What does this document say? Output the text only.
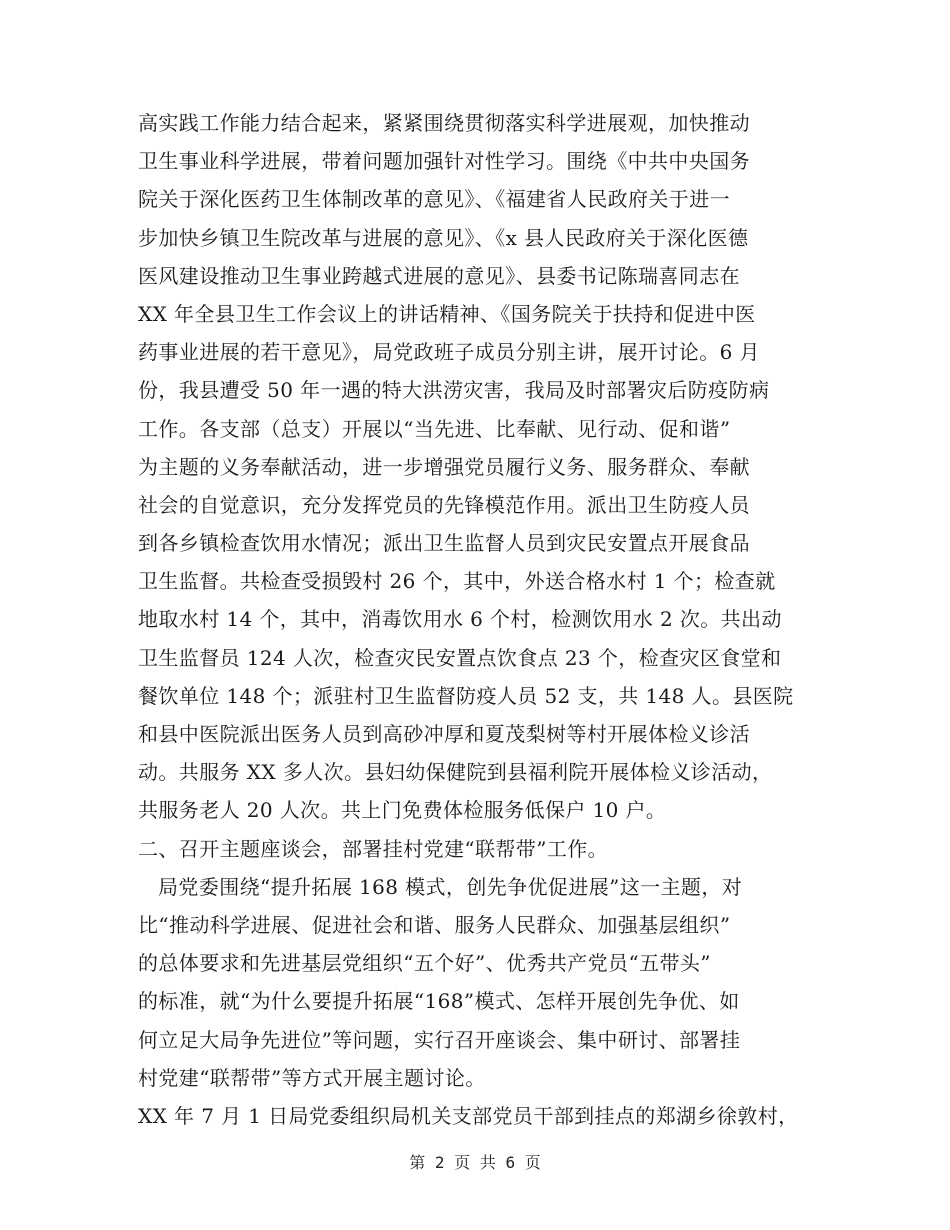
高实践工作能力结合起来，紧紧围绕贯彻落实科学进展观，加快推动
卫生事业科学进展，带着问题加强针对性学习。围绕《中共中央国务
院关于深化医药卫生体制改革的意见》、《福建省人民政府关于进一
步加快乡镇卫生院改革与进展的意见》、《x 县人民政府关于深化医德
医风建设推动卫生事业跨越式进展的意见》、县委书记陈瑞喜同志在
XX 年全县卫生工作会议上的讲话精神、《国务院关于扶持和促进中医
药事业进展的若干意见》，局党政班子成员分别主讲，展开讨论。6 月
份，我县遭受 50 年一遇的特大洪涝灾害，我局及时部署灾后防疫防病
工作。各支部（总支）开展以“当先进、比奉献、见行动、促和谐”
为主题的义务奉献活动，进一步增强党员履行义务、服务群众、奉献
社会的自觉意识，充分发挥党员的先锋模范作用。派出卫生防疫人员
到各乡镇检查饮用水情况；派出卫生监督人员到灾民安置点开展食品
卫生监督。共检查受损毁村 26 个，其中，外送合格水村 1 个；检查就
地取水村 14 个，其中，消毒饮用水 6 个村，检测饮用水 2 次。共出动
卫生监督员 124 人次，检查灾民安置点饮食点 23 个，检查灾区食堂和
餐饮单位 148 个；派驻村卫生监督防疫人员 52 支，共 148 人。县医院
和县中医院派出医务人员到高砂冲厚和夏茂梨树等村开展体检义诊活
动。共服务 XX 多人次。县妇幼保健院到县福利院开展体检义诊活动，
共服务老人 20 人次。共上门免费体检服务低保户 10 户。
二、召开主题座谈会，部署挂村党建“联帮带”工作。
局党委围绕“提升拓展 168 模式，创先争优促进展”这一主题，对
比“推动科学进展、促进社会和谐、服务人民群众、加强基层组织”
的总体要求和先进基层党组织“五个好”、优秀共产党员“五带头”
的标准，就“为什么要提升拓展“168”模式、怎样开展创先争优、如
何立足大局争先进位”等问题，实行召开座谈会、集中研讨、部署挂
村党建“联帮带”等方式开展主题讨论。
XX 年 7 月 1 日局党委组织局机关支部党员干部到挂点的郑湖乡徐敦村，
第 2 页 共 6 页
